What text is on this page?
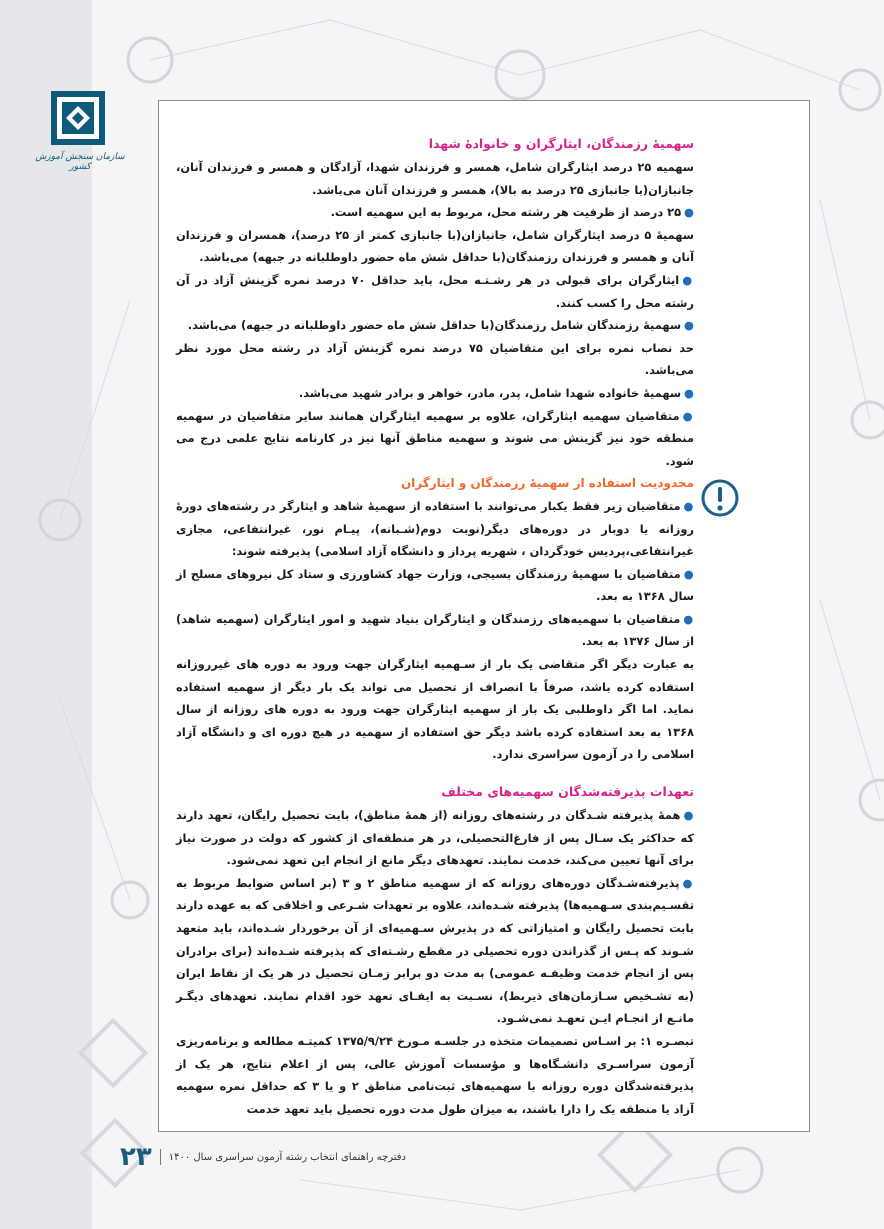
سازمان سنجش آموزش کشور

سهمیهٔ رزمندگان، ایثارگران و خانوادهٔ شهدا

سهمیه ۲۵ درصد ایثارگران شامل، همسر و فرزندان شهدا، آزادگان و همسر و فرزندان آنان، جانبازان(با جانبازی ۲۵ درصد به بالا)، همسر و فرزندان آنان می‌باشد.

●۲۵ درصد از ظرفیت هر رشته محل، مربوط به این سهمیه است.

سهمیهٔ ۵ درصد ایثارگران شامل، جانبازان(با جانبازی کمتر از ۲۵ درصد)، همسران و فرزندان آنان و همسر و فرزندان رزمندگان(با حداقل شش ماه حضور داوطلبانه در جبهه) می‌باشد.

●ایثارگران برای قبولی در هر رشـتـه محل، باید حداقل ۷۰ درصد نمره گزینش آزاد در آن رشته محل را کسب کنند.

●سهمیهٔ رزمندگان شامل رزمندگان(با حداقل شش ماه حضور داوطلبانه در جبهه) می‌باشد.

حد نصاب نمره برای این متقاضیان ۷۵ درصد نمره گزینش آزاد در رشته محل مورد نظر می‌باشد.

●سهمیهٔ خانواده شهدا شامل، پدر، مادر، خواهر و برادر شهید می‌باشد.

●متقاضیان سهمیه ایثارگران، علاوه بر سهمیه ایثارگران همانند سایر متقاضیان در سهمیه منطقه خود نیز گزینش می شوند و سهمیه مناطق آنها نیز در کارنامه نتایج علمی درج می شود.

محدودیت استفاده از سهمیهٔ رزمندگان و ایثارگران

●متقاضیان زیر فقط یکبار می‌توانند با استفاده از سهمیهٔ شاهد و ایثارگر در رشته‌های دورهٔ روزانه یا دوبار در دوره‌های دیگر(نوبت دوم(شـبانه)، پیـام نور، غیرانتفاعی، مجازی غیرانتفاعی،پردیس خودگردان ، شهریه پرداز و دانشگاه آزاد اسلامی) پذیرفته شوند:

●متقاضیان با سهمیهٔ رزمندگان بسیجی، وزارت جهاد کشاورزی و ستاد کل نیروهای مسلح از سال ۱۳۶۸ به بعد.

●متقاضیان با سهمیه‌های رزمندگان و ایثارگران بنیاد شهید و امور ایثارگران (سهمیه شاهد) از سال ۱۳۷۶ به بعد.

به عبارت دیگر اگر متقاضی یک بار از سـهمیه ایثارگران جهت ورود به دوره های غیرروزانه استفاده کرده باشد، صرفاً با انصراف از تحصیل می تواند یک بار دیگر از سهمیه استفاده نماید. اما اگر داوطلبی یک بار از سهمیه ایثارگران جهت ورود به دوره های روزانه از سال ۱۳۶۸ به بعد استفاده کرده باشد دیگر حق استفاده از سهمیه در هیچ دوره ای و دانشگاه آزاد اسلامی را در آزمون سراسری ندارد.

تعهدات پذیرفته‌شدگان سهمیه‌های مختلف

●همهٔ پذیرفته شـدگان در رشته‌های روزانه (از همهٔ مناطق)، بابت تحصیل رایگان، تعهد دارند که حداکثر یک سـال پس از فارغ‌التحصیلی، در هر منطقه‌ای از کشور که دولت در صورت نیاز برای آنها تعیین می‌کند، خدمت نمایند. تعهدهای دیگر مانع از انجام این تعهد نمی‌شود.

●پذیرفته‌شـدگان دوره‌های روزانه که از سهمیه مناطق ۲ و ۳ (بر اساس ضوابط مربوط به تقسـیم‌بندی سـهمیه‌ها) پذیرفته شـده‌اند، علاوه بر تعهدات شـرعی و اخلاقی که به عهده دارند بابت تحصیل رایگان و امتیازاتی که در پذیرش سـهمیه‌ای از آن برخوردار شـده‌اند، باید متعهد شـوند که پـس از گذراندن دوره تحصیلی در مقطع رشـته‌ای که پذیرفته شـده‌اند (برای برادران پس از انجام خدمت وظیفـه عمومی) به مدت دو برابر زمـان تحصیل در هر یک از نقاط ایران (به تشـخیص سـازمان‌های ذیربط)، نسـبت به ایفـای تعهد خود اقدام نمایند. تعهدهای دیگـر مانـع از انجـام ایـن تعهـد نمی‌شـود.

تبصـره ۱: بر اسـاس تصمیمات متخذه در جلسـه مـورخ ۱۳۷۵/۹/۲۴ کمیتـه مطالعه و برنامه‌ریزی آزمون سراسـری دانشـگاه‌ها و مؤسسات آموزش عالی، پس از اعلام نتایج، هر یک از پذیرفته‌شدگان دوره روزانه با سهمیه‌های ثبت‌نامی مناطق ۲ و یا ۳ که حداقل نمره سهمیه آزاد یا منطقه یک را دارا باشند، به میزان طول مدت دوره تحصیل باید تعهد خدمت

۲۳ دفترچه راهنمای انتخاب رشته آزمون سراسری سال ۱۴۰۰
